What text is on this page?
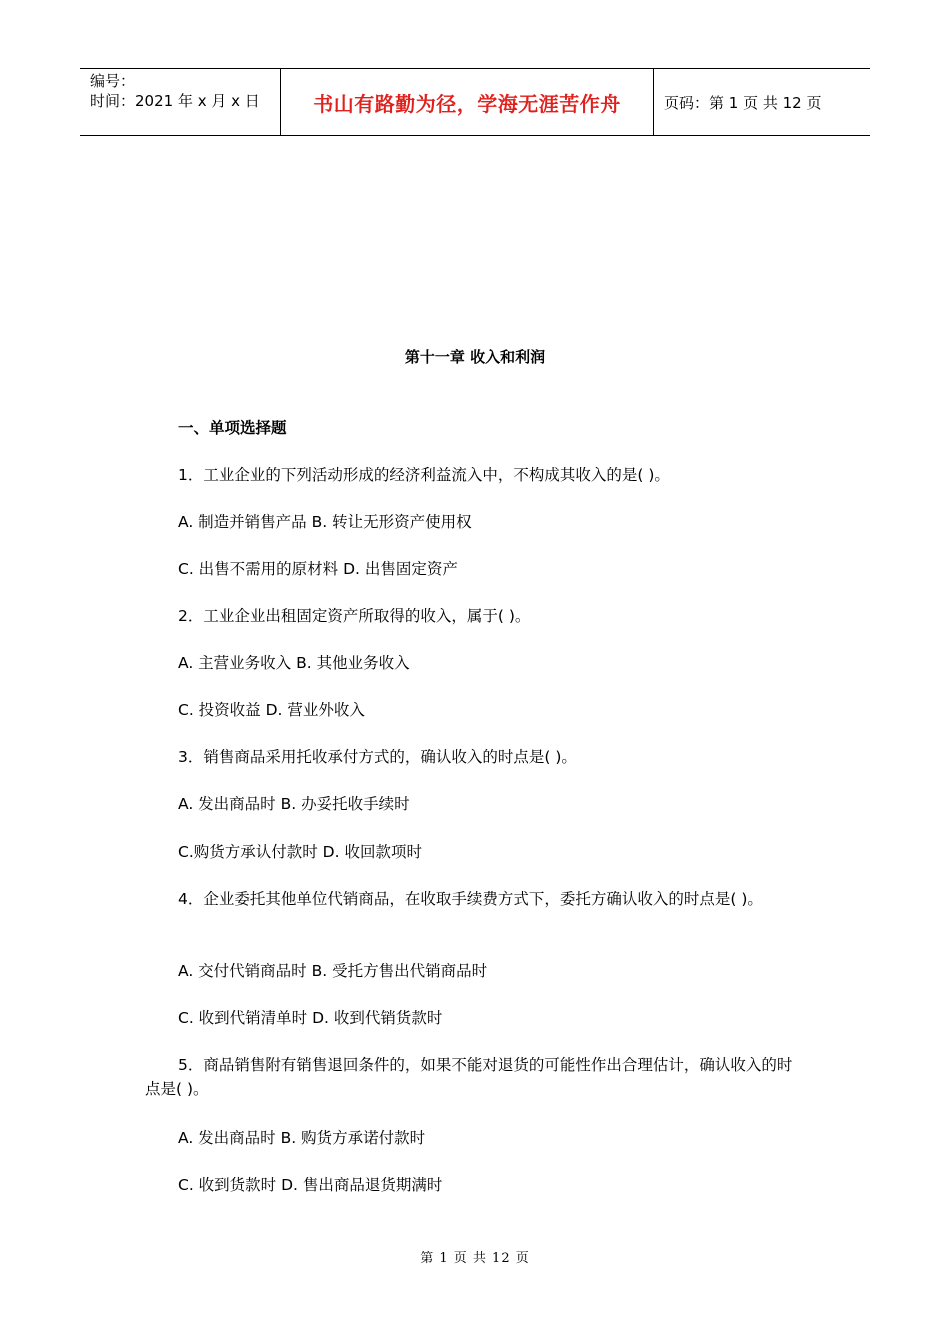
编号：
时间：2021 年 x 月 x 日	书山有路勤为径，学海无涯苦作舟	页码：第 1 页 共 12 页
第十一章 收入和利润
一、单项选择题
1．工业企业的下列活动形成的经济利益流入中，不构成其收入的是( )。
A. 制造并销售产品 B. 转让无形资产使用权
C. 出售不需用的原材料 D. 出售固定资产
2．工业企业出租固定资产所取得的收入，属于( )。
A. 主营业务收入 B. 其他业务收入
C. 投资收益 D. 营业外收入
3．销售商品采用托收承付方式的，确认收入的时点是( )。
A. 发出商品时 B. 办妥托收手续时
C.购货方承认付款时 D. 收回款项时
4．企业委托其他单位代销商品，在收取手续费方式下，委托方确认收入的时点是( )。
A. 交付代销商品时 B. 受托方售出代销商品时
C. 收到代销清单时 D. 收到代销货款时
5．商品销售附有销售退回条件的，如果不能对退货的可能性作出合理估计，确认收入的时点是( )。
A. 发出商品时 B. 购货方承诺付款时
C. 收到货款时 D. 售出商品退货期满时
第 1 页 共 12 页
